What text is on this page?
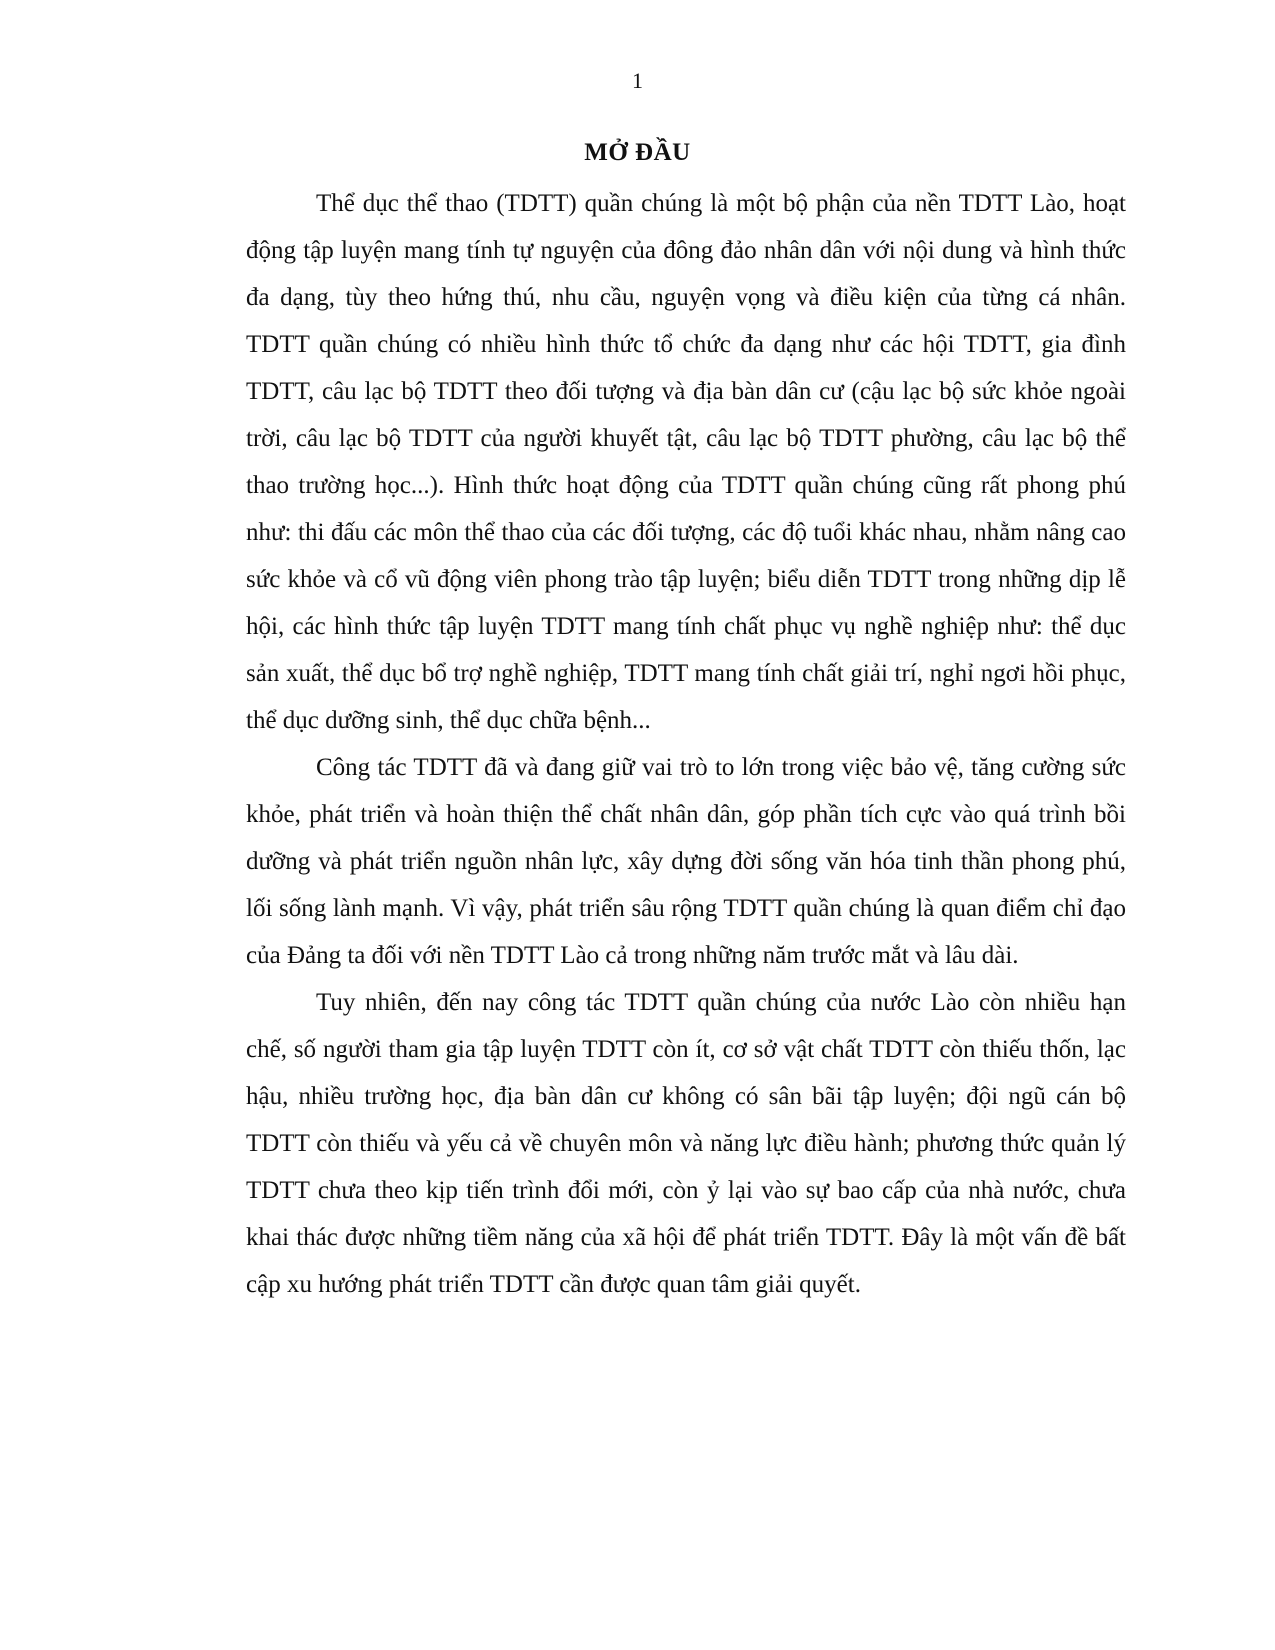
1
MỞ ĐẦU

Thể dục thể thao (TDTT) quần chúng là một bộ phận của nền TDTT Lào, hoạt động tập luyện mang tính tự nguyện của đông đảo nhân dân với nội dung và hình thức đa dạng, tùy theo hứng thú, nhu cầu, nguyện vọng và điều kiện của từng cá nhân. TDTT quần chúng có nhiều hình thức tổ chức đa dạng như các hội TDTT, gia đình TDTT, câu lạc bộ TDTT theo đối tượng và địa bàn dân cư (cậu lạc bộ sức khỏe ngoài trời, câu lạc bộ TDTT của người khuyết tật, câu lạc bộ TDTT phường, câu lạc bộ thể thao trường học...). Hình thức hoạt động của TDTT quần chúng cũng rất phong phú như: thi đấu các môn thể thao của các đối tượng, các độ tuổi khác nhau, nhằm nâng cao sức khỏe và cổ vũ động viên phong trào tập luyện; biểu diễn TDTT trong những dịp lễ hội, các hình thức tập luyện TDTT mang tính chất phục vụ nghề nghiệp như: thể dục sản xuất, thể dục bổ trợ nghề nghiệp, TDTT mang tính chất giải trí, nghỉ ngơi hồi phục, thể dục dưỡng sinh, thể dục chữa bệnh...

Công tác TDTT đã và đang giữ vai trò to lớn trong việc bảo vệ, tăng cường sức khỏe, phát triển và hoàn thiện thể chất nhân dân, góp phần tích cực vào quá trình bồi dưỡng và phát triển nguồn nhân lực, xây dựng đời sống văn hóa tinh thần phong phú, lối sống lành mạnh. Vì vậy, phát triển sâu rộng TDTT quần chúng là quan điểm chỉ đạo của Đảng ta đối với nền TDTT Lào cả trong những năm trước mắt và lâu dài.

Tuy nhiên, đến nay công tác TDTT quần chúng của nước Lào còn nhiều hạn chế, số người tham gia tập luyện TDTT còn ít, cơ sở vật chất TDTT còn thiếu thốn, lạc hậu, nhiều trường học, địa bàn dân cư không có sân bãi tập luyện; đội ngũ cán bộ TDTT còn thiếu và yếu cả về chuyên môn và năng lực điều hành; phương thức quản lý TDTT chưa theo kịp tiến trình đổi mới, còn ỷ lại vào sự bao cấp của nhà nước, chưa khai thác được những tiềm năng của xã hội để phát triển TDTT. Đây là một vấn đề bất cập xu hướng phát triển TDTT cần được quan tâm giải quyết.
